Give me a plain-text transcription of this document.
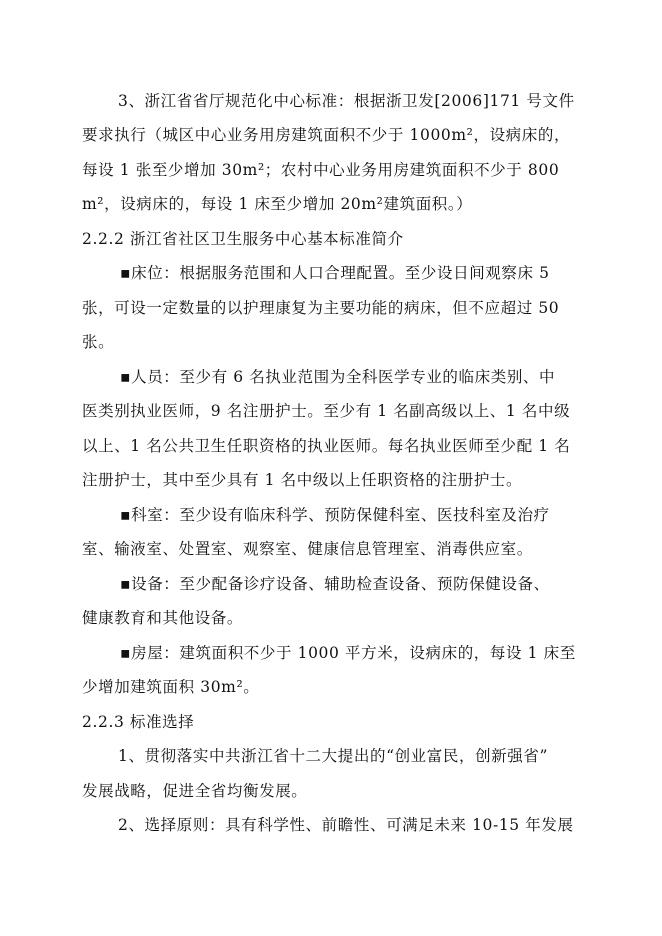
3、浙江省省厅规范化中心标准：根据浙卫发[2006]171 号文件
要求执行（城区中心业务用房建筑面积不少于 1000m²，设病床的，
每设 1 张至少增加 30m²；农村中心业务用房建筑面积不少于 800
m²，设病床的，每设 1 床至少增加 20m²建筑面积。）
2.2.2 浙江省社区卫生服务中心基本标准简介
▪床位：根据服务范围和人口合理配置。至少设日间观察床 5
张，可设一定数量的以护理康复为主要功能的病床，但不应超过 50
张。
▪人员：至少有 6 名执业范围为全科医学专业的临床类别、中
医类别执业医师，9 名注册护士。至少有 1 名副高级以上、1 名中级
以上、1 名公共卫生任职资格的执业医师。每名执业医师至少配 1 名
注册护士，其中至少具有 1 名中级以上任职资格的注册护士。
▪科室：至少设有临床科学、预防保健科室、医技科室及治疗
室、输液室、处置室、观察室、健康信息管理室、消毒供应室。
▪设备：至少配备诊疗设备、辅助检查设备、预防保健设备、
健康教育和其他设备。
▪房屋：建筑面积不少于 1000 平方米，设病床的，每设 1 床至
少增加建筑面积 30m²。
2.2.3 标准选择
1、贯彻落实中共浙江省十二大提出的“创业富民，创新强省”
发展战略，促进全省均衡发展。
2、选择原则：具有科学性、前瞻性、可满足未来 10-15 年发展
